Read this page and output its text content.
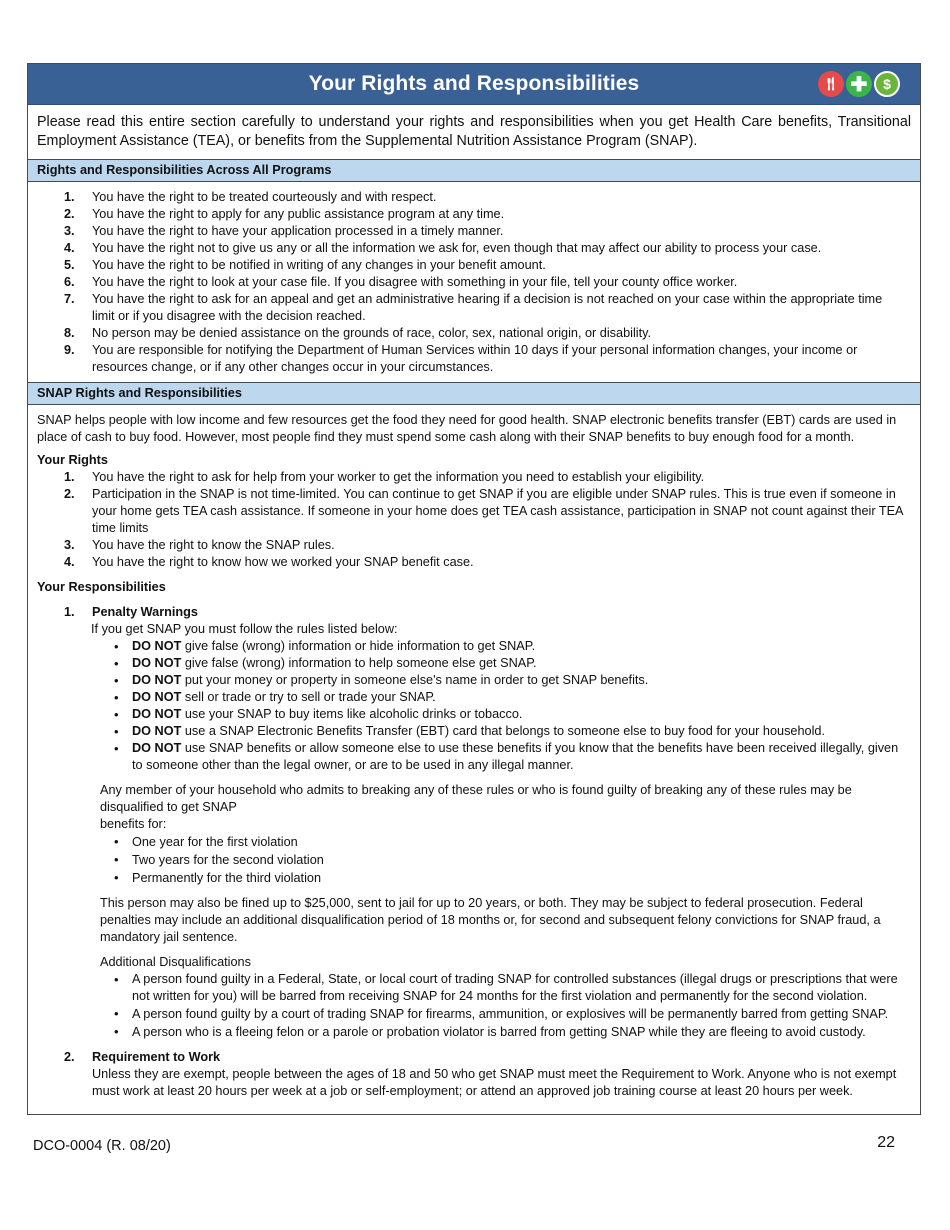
Your Rights and Responsibilities	🍴︎ ✚	$
Please read this entire section carefully to understand your rights and responsibilities when you get Health Care benefits, Transitional Employment Assistance (TEA), or benefits from the Supplemental Nutrition Assistance Program (SNAP).
Rights and Responsibilities Across All Programs
1. You have the right to be treated courteously and with respect.
2. You have the right to apply for any public assistance program at any time.
3. You have the right to have your application processed in a timely manner.
4. You have the right not to give us any or all the information we ask for, even though that may affect our ability to process your case.
5. You have the right to be notified in writing of any changes in your benefit amount.
6. You have the right to look at your case file. If you disagree with something in your file, tell your county office worker.
7. You have the right to ask for an appeal and get an administrative hearing if a decision is not reached on your case within the appropriate time limit or if you disagree with the decision reached.
8. No person may be denied assistance on the grounds of race, color, sex, national origin, or disability.
9. You are responsible for notifying the Department of Human Services within 10 days if your personal information changes, your income or resources change, or if any other changes occur in your circumstances.
SNAP Rights and Responsibilities
SNAP helps people with low income and few resources get the food they need for good health. SNAP electronic benefits transfer (EBT) cards are used in place of cash to buy food. However, most people find they must spend some cash along with their SNAP benefits to buy enough food for a month.
Your Rights
1. You have the right to ask for help from your worker to get the information you need to establish your eligibility.
2. Participation in the SNAP is not time-limited. You can continue to get SNAP if you are eligible under SNAP rules. This is true even if someone in your home gets TEA cash assistance. If someone in your home does get TEA cash assistance, participation in SNAP not count against their TEA time limits
3. You have the right to know the SNAP rules.
4. You have the right to know how we worked your SNAP benefit case.
Your Responsibilities
1. Penalty Warnings
If you get SNAP you must follow the rules listed below:
• DO NOT give false (wrong) information or hide information to get SNAP.
• DO NOT give false (wrong) information to help someone else get SNAP.
• DO NOT put your money or property in someone else's name in order to get SNAP benefits.
• DO NOT sell or trade or try to sell or trade your SNAP.
• DO NOT use your SNAP to buy items like alcoholic drinks or tobacco.
• DO NOT use a SNAP Electronic Benefits Transfer (EBT) card that belongs to someone else to buy food for your household.
• DO NOT use SNAP benefits or allow someone else to use these benefits if you know that the benefits have been received illegally, given to someone other than the legal owner, or are to be used in any illegal manner.
Any member of your household who admits to breaking any of these rules or who is found guilty of breaking any of these rules may be disqualified to get SNAP
benefits for:
• One year for the first violation
• Two years for the second violation
• Permanently for the third violation
This person may also be fined up to $25,000, sent to jail for up to 20 years, or both. They may be subject to federal prosecution. Federal penalties may include an additional disqualification period of 18 months or, for second and subsequent felony convictions for SNAP fraud, a mandatory jail sentence.
Additional Disqualifications
• A person found guilty in a Federal, State, or local court of trading SNAP for controlled substances (illegal drugs or prescriptions that were not written for you) will be barred from receiving SNAP for 24 months for the first violation and permanently for the second violation.
• A person found guilty by a court of trading SNAP for firearms, ammunition, or explosives will be permanently barred from getting SNAP.
• A person who is a fleeing felon or a parole or probation violator is barred from getting SNAP while they are fleeing to avoid custody.
2. Requirement to Work
Unless they are exempt, people between the ages of 18 and 50 who get SNAP must meet the Requirement to Work. Anyone who is not exempt must work at least 20 hours per week at a job or self-employment; or attend an approved job training course at least 20 hours per week.
DCO-0004 (R. 08/20)	22
